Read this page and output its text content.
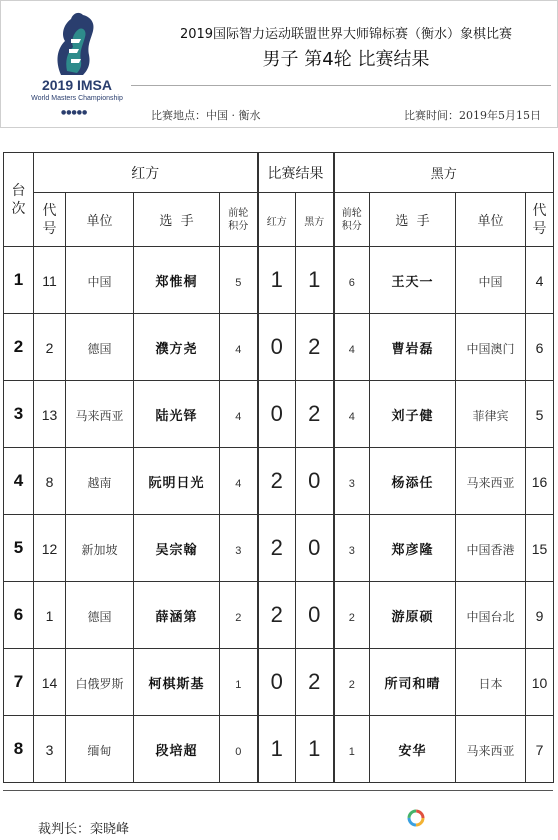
2019 IMSA
World Masters Championship
●●●●●
2019国际智力运动联盟世界大师锦标赛（衡水）象棋比赛
男子 第4轮 比赛结果
比赛地点：中国 · 衡水	比赛时间：2019年5月15日
台次	红方				比赛结果		黑方			

	代号	单位	选  手	前轮积分	红方	黑方	前轮积分	选  手	单位	代号

1	11	中国	郑惟桐	5	1	1	6	王天一	中国	4
2	2	德国	濮方尧	4	0	2	4	曹岩磊	中国澳门	6
3	13	马来西亚	陆光铎	4	0	2	4	刘子健	菲律宾	5
4	8	越南	阮明日光	4	2	0	3	杨添任	马来西亚	16
5	12	新加坡	吴宗翰	3	2	0	3	郑彦隆	中国香港	15
6	1	德国	薛涵第	2	2	0	2	游原硕	中国台北	9
7	14	白俄罗斯	柯棋斯基	1	0	2	2	所司和晴	日本	10
8	3	缅甸	段培超	0	1	1	1	安华	马来西亚	7
裁判长：栾晓峰
